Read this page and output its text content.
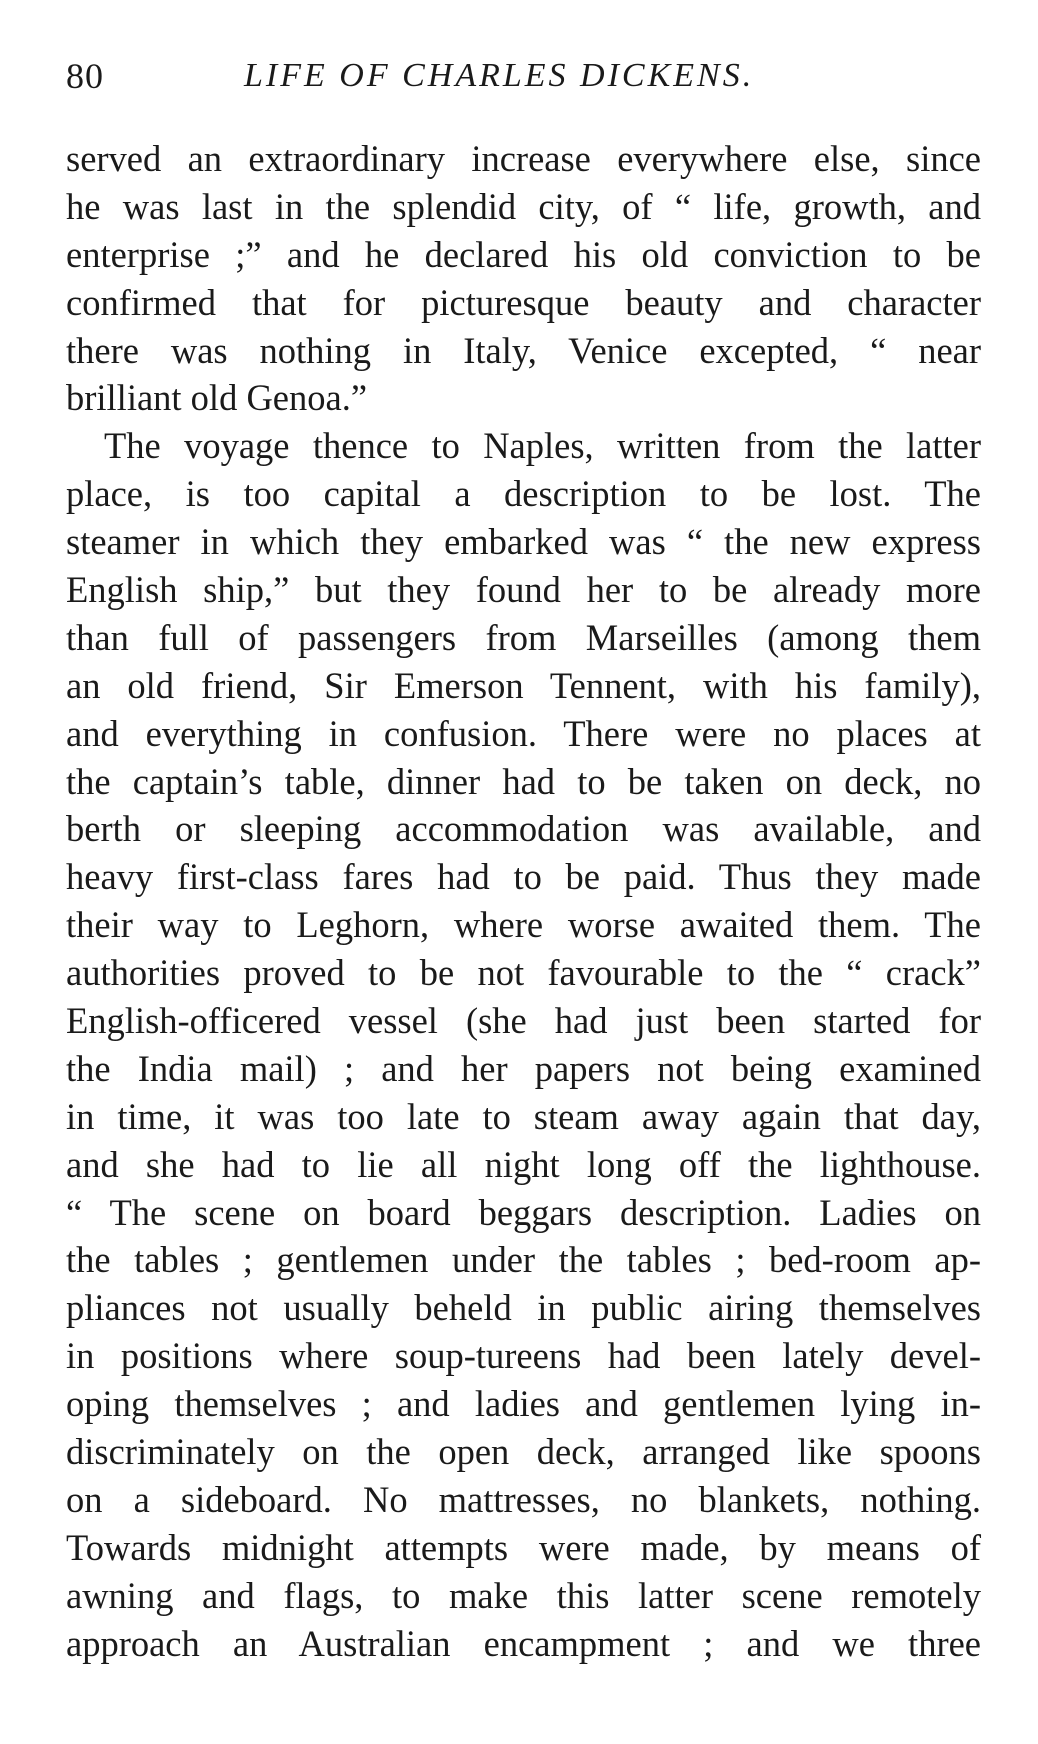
80	LIFE OF CHARLES DICKENS.
served an extraordinary increase everywhere else, since
he was last in the splendid city, of “ life, growth, and
enterprise ;” and he declared his old conviction to be
confirmed that for picturesque beauty and character
there was nothing in Italy, Venice excepted, “ near
brilliant old Genoa.”
The voyage thence to Naples, written from the latter
place, is too capital a description to be lost. The
steamer in which they embarked was “ the new express
English ship,” but they found her to be already more
than full of passengers from Marseilles (among them
an old friend, Sir Emerson Tennent, with his family),
and everything in confusion. There were no places at
the captain’s table, dinner had to be taken on deck, no
berth or sleeping accommodation was available, and
heavy first-class fares had to be paid. Thus they made
their way to Leghorn, where worse awaited them. The
authorities proved to be not favourable to the “ crack”
English-officered vessel (she had just been started for
the India mail) ; and her papers not being examined
in time, it was too late to steam away again that day,
and she had to lie all night long off the lighthouse.
“ The scene on board beggars description. Ladies on
the tables ; gentlemen under the tables ; bed-room ap-
pliances not usually beheld in public airing themselves
in positions where soup-tureens had been lately devel-
oping themselves ; and ladies and gentlemen lying in-
discriminately on the open deck, arranged like spoons
on a sideboard. No mattresses, no blankets, nothing.
Towards midnight attempts were made, by means of
awning and flags, to make this latter scene remotely
approach an Australian encampment ; and we three
